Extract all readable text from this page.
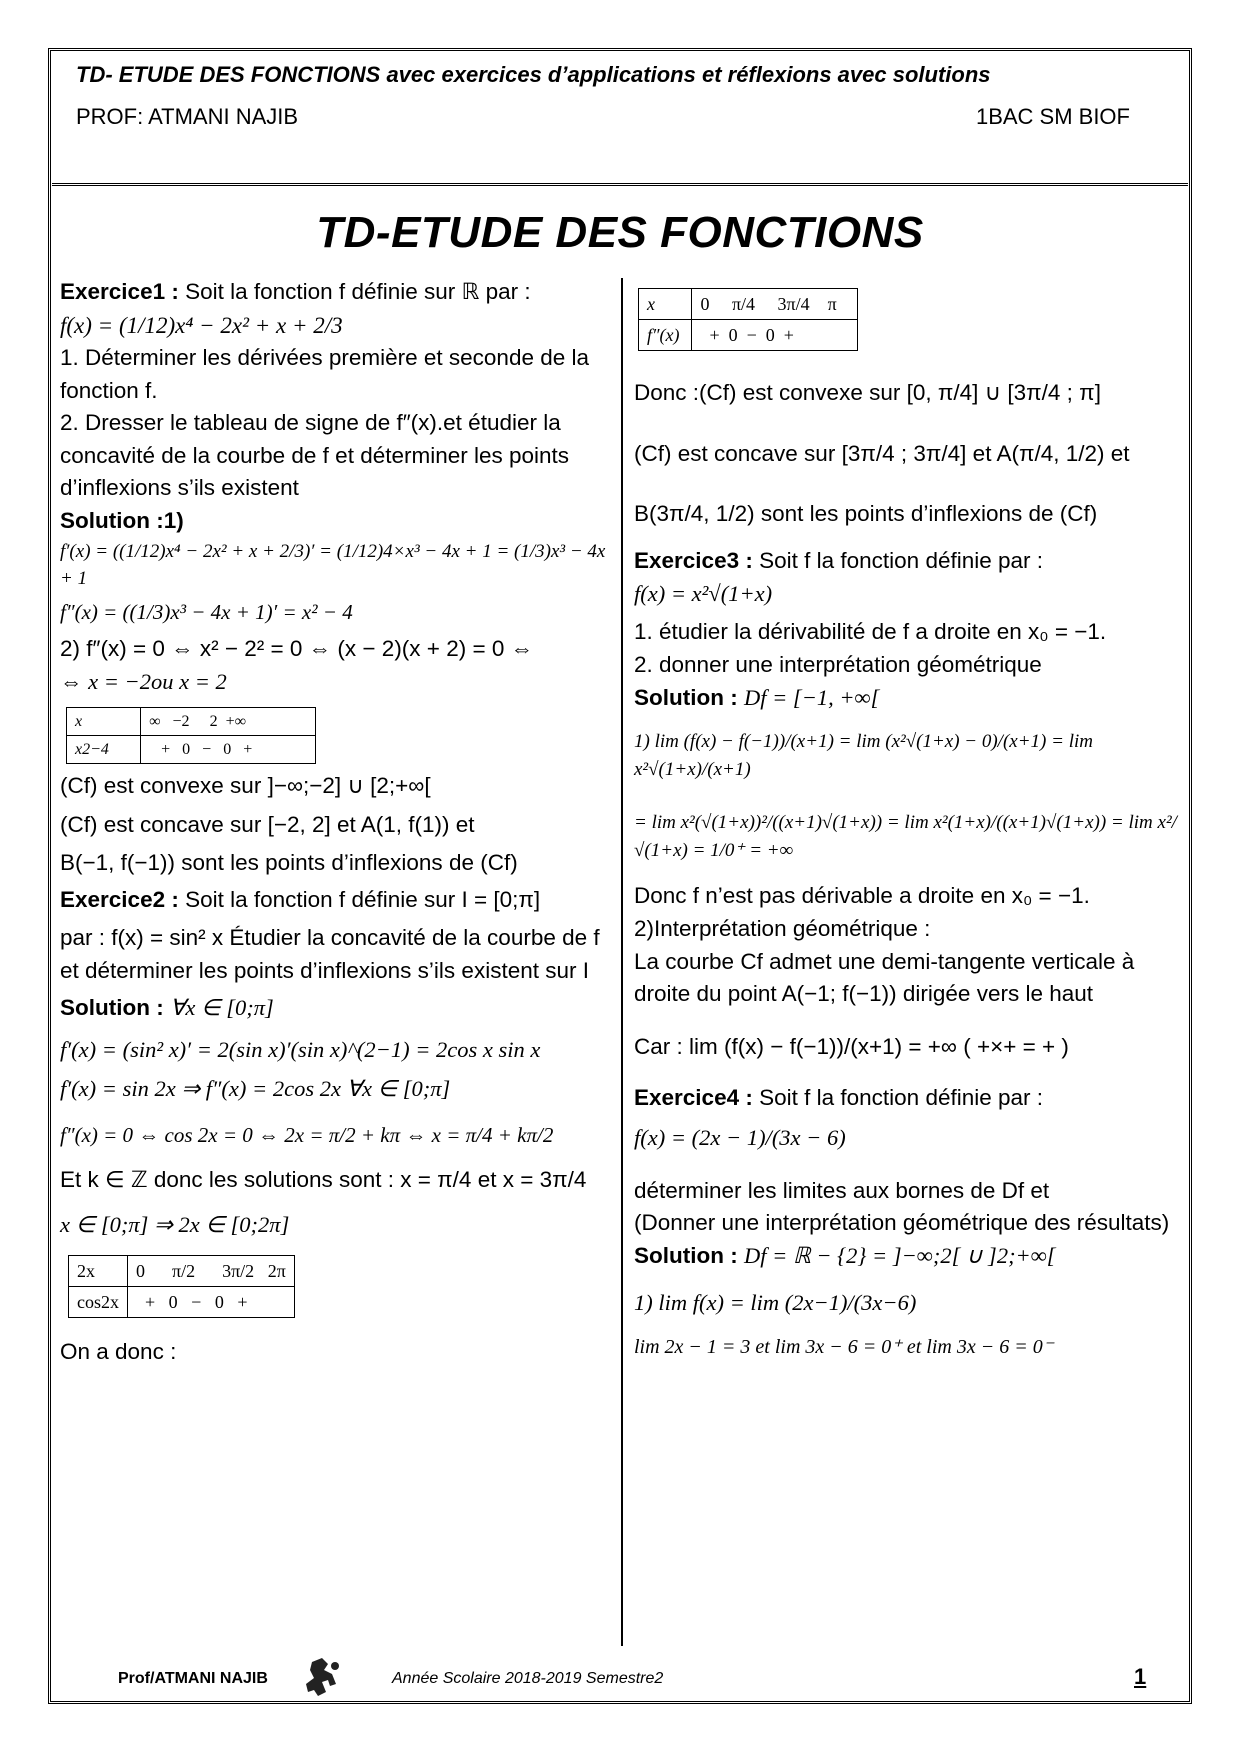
TD- ETUDE DES FONCTIONS avec exercices d’applications et réflexions avec solutions
PROF: ATMANI NAJIB	1BAC SM BIOF
TD-ETUDE DES FONCTIONS

Exercice1 : Soit la fonction f définie sur ℝ par :

f(x) = (1/12)x⁴ − 2x² + x + 2/3

1. Déterminer les dérivées première et seconde de la fonction f.

2. Dresser le tableau de signe de f″(x).et étudier la concavité de la courbe de f et déterminer les points d’inflexions s’ils existent

Solution :1)

f′(x) = ((1/12)x⁴ − 2x² + x + 2/3)′ = (1/12)4×x³ − 4x + 1 = (1/3)x³ − 4x + 1

f″(x) = ((1/3)x³ − 4x + 1)′ = x² − 4

2) f″(x) = 0 ⇔ x² − 2² = 0 ⇔ (x − 2)(x + 2) = 0 ⇔

⇔ x = −2ou x = 2

x	∞ −2 2 +∞
x2−4	+ 0 − 0 +

(Cf) est convexe sur ]−∞;−2] ∪ [2;+∞[

(Cf) est concave sur [−2, 2] et A(1, f(1)) et

B(−1, f(−1)) sont les points d’inflexions de (Cf)

Exercice2 : Soit la fonction f définie sur I = [0;π]

par : f(x) = sin² x Étudier la concavité de la courbe de f et déterminer les points d’inflexions s’ils existent sur I

Solution : ∀x ∈ [0;π]

f′(x) = (sin² x)′ = 2(sin x)′(sin x)^(2−1) = 2cos x sin x

f′(x) = sin 2x ⇒ f″(x) = 2cos 2x ∀x ∈ [0;π]

f″(x) = 0 ⇔ cos 2x = 0 ⇔ 2x = π/2 + kπ ⇔ x = π/4 + kπ/2

Et k ∈ ℤ donc les solutions sont : x = π/4 et x = 3π/4

x ∈ [0;π] ⇒ 2x ∈ [0;2π]

2x	0 π/2 3π/2 2π
cos2x	+ 0 − 0 +

On a donc :

x	0 π/4 3π/4 π
f″(x)	+ 0 − 0 +

Donc :(Cf) est convexe sur [0, π/4] ∪ [3π/4 ; π]

(Cf) est concave sur [3π/4 ; 3π/4] et A(π/4, 1/2) et

B(3π/4, 1/2) sont les points d’inflexions de (Cf)

Exercice3 : Soit f la fonction définie par :

f(x) = x²√(1+x)

1. étudier la dérivabilité de f a droite en x₀ = −1.

2. donner une interprétation géométrique

Solution : Df = [−1, +∞[

1) lim (f(x) − f(−1))/(x+1) = lim (x²√(1+x) − 0)/(x+1) = lim x²√(1+x)/(x+1)

= lim x²(√(1+x))²/((x+1)√(1+x)) = lim x²(1+x)/((x+1)√(1+x)) = lim x²/√(1+x) = 1/0⁺ = +∞

Donc f n’est pas dérivable a droite en x₀ = −1.

2)Interprétation géométrique :

La courbe Cf admet une demi-tangente verticale à droite du point A(−1; f(−1)) dirigée vers le haut

Car : lim (f(x) − f(−1))/(x+1) = +∞ ( +×+ = + )

Exercice4 : Soit f la fonction définie par :

f(x) = (2x − 1)/(3x − 6)

déterminer les limites aux bornes de Df et

(Donner une interprétation géométrique des résultats)

Solution : Df = ℝ − {2} = ]−∞;2[ ∪ ]2;+∞[

1) lim f(x) = lim (2x−1)/(3x−6)

lim 2x − 1 = 3 et lim 3x − 6 = 0⁺ et lim 3x − 6 = 0⁻

Prof/ATMANI NAJIB	Année Scolaire 2018-2019 Semestre2	1
